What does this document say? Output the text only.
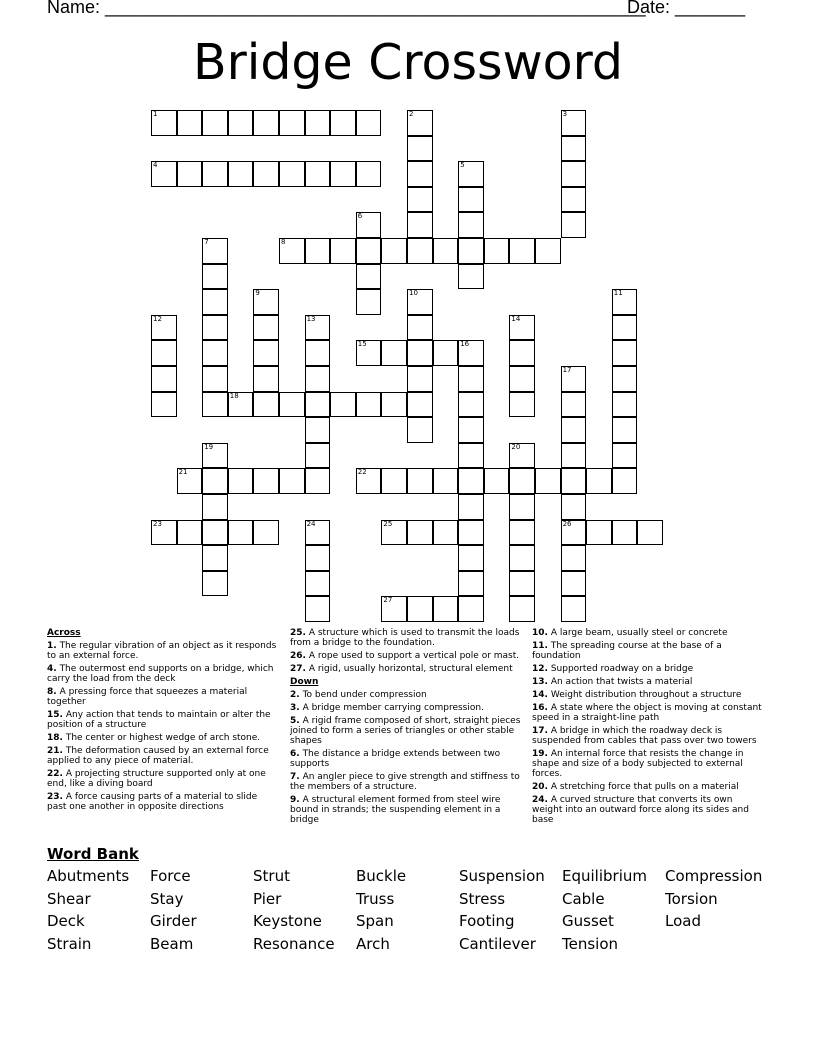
Name: ______________________________________________________
Date: _______
Bridge Crossword
1	2	3
4	5
6
7	8
9	10	11
12	13	14
15	16
17
26
18
19	20
21	22
23	24	25
27
Across
1. The regular vibration of an object as it responds to an external force.
4. The outermost end supports on a bridge, which carry the load from the deck
8. A pressing force that squeezes a material together
15. Any action that tends to maintain or alter the position of a structure
18. The center or highest wedge of arch stone.
21. The deformation caused by an external force applied to any piece of material.
22. A projecting structure supported only at one end, like a diving board
23. A force causing parts of a material to slide past one another in opposite directions
25. A structure which is used to transmit the loads from a bridge to the foundation.
26. A rope used to support a vertical pole or mast.
27. A rigid, usually horizontal, structural element
Down
2. To bend under compression
3. A bridge member carrying compression.
5. A rigid frame composed of short, straight pieces joined to form a series of triangles or other stable shapes
6. The distance a bridge extends between two supports
7. An angler piece to give strength and stiffness to the members of a structure.
9. A structural element formed from steel wire bound in strands; the suspending element in a bridge
10. A large beam, usually steel or concrete
11. The spreading course at the base of a foundation
12. Supported roadway on a bridge
13. An action that twists a material
14. Weight distribution throughout a structure
16. A state where the object is moving at constant speed in a straight-line path
17. A bridge in which the roadway deck is suspended from cables that pass over two towers
19. An internal force that resists the change in shape and size of a body subjected to external forces.
20. A stretching force that pulls on a material
24. A curved structure that converts its own weight into an outward force along its sides and base
Word Bank
Abutments	Force	Strut	Buckle	Suspension	Equilibrium	Compression
Shear	Stay	Pier	Truss	Stress	Cable	Torsion
Deck	Girder	Keystone	Span	Footing	Gusset	Load
Strain	Beam	Resonance	Arch	Cantilever	Tension
